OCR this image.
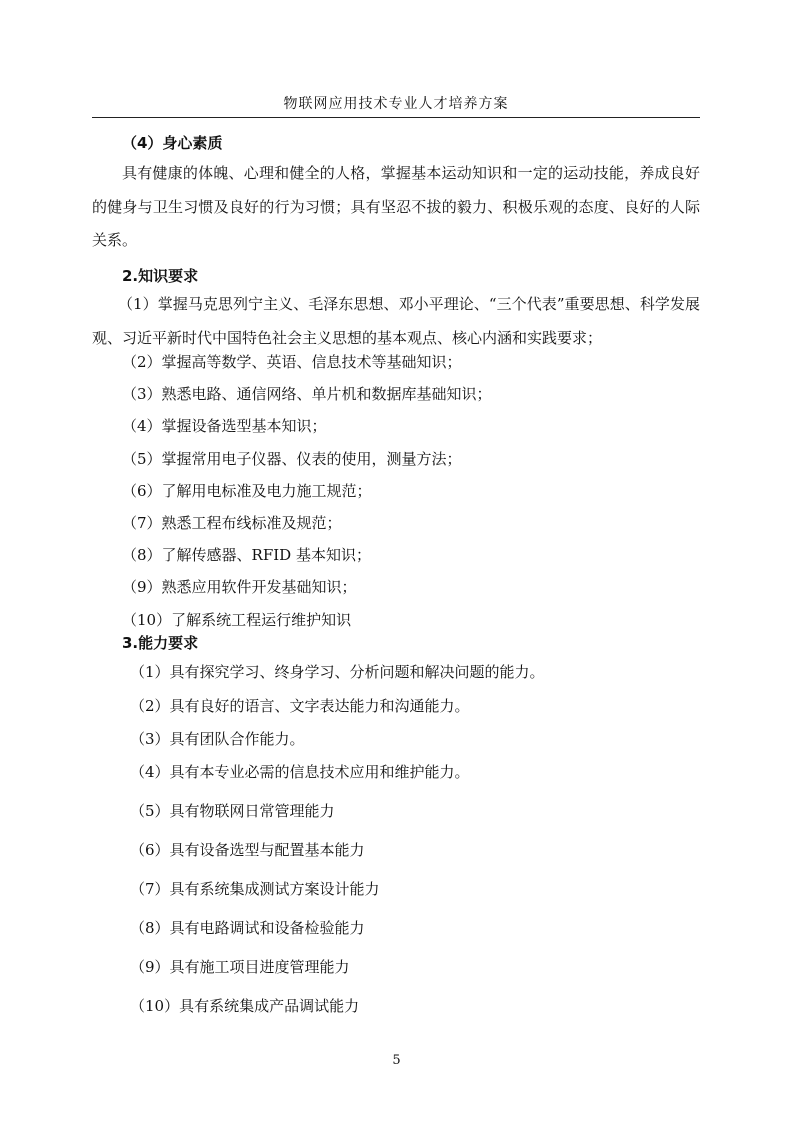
物联网应用技术专业人才培养方案
（4）身心素质
具有健康的体魄、心理和健全的人格，掌握基本运动知识和一定的运动技能，养成良好的健身与卫生习惯及良好的行为习惯；具有坚忍不拔的毅力、积极乐观的态度、良好的人际关系。
2.知识要求
（1）掌握马克思列宁主义、毛泽东思想、邓小平理论、“三个代表”重要思想、科学发展观、习近平新时代中国特色社会主义思想的基本观点、核心内涵和实践要求；
（2）掌握高等数学、英语、信息技术等基础知识；
（3）熟悉电路、通信网络、单片机和数据库基础知识；
（4）掌握设备选型基本知识；
（5）掌握常用电子仪器、仪表的使用，测量方法；
（6）了解用电标准及电力施工规范；
（7）熟悉工程布线标准及规范；
（8）了解传感器、RFID 基本知识；
（9）熟悉应用软件开发基础知识；
（10）了解系统工程运行维护知识
3.能力要求
（1）具有探究学习、终身学习、分析问题和解决问题的能力。
（2）具有良好的语言、文字表达能力和沟通能力。
（3）具有团队合作能力。
（4）具有本专业必需的信息技术应用和维护能力。
（5）具有物联网日常管理能力
（6）具有设备选型与配置基本能力
（7）具有系统集成测试方案设计能力
（8）具有电路调试和设备检验能力
（9）具有施工项目进度管理能力
（10）具有系统集成产品调试能力
5
